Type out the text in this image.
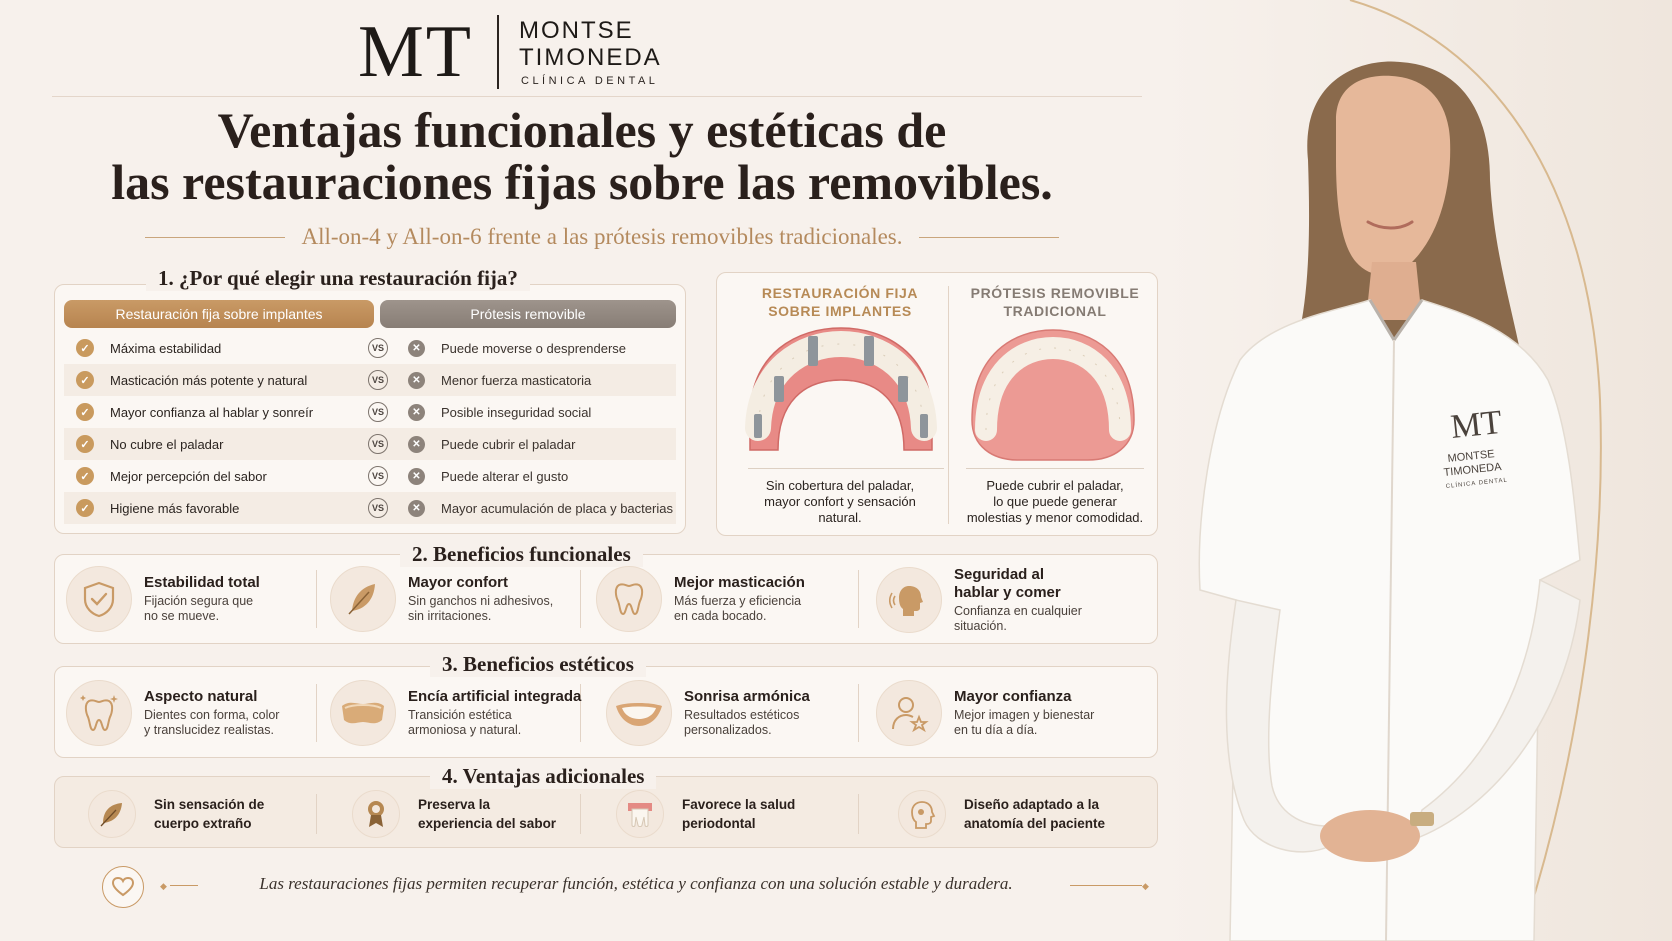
MT MONTSE
TIMONEDA
CLÍNICA DENTAL
Ventajas funcionales y estéticas de
las restauraciones fijas sobre las removibles.
All-on-4 y All-on-6 frente a las prótesis removibles tradicionales.
1. ¿Por qué elegir una restauración fija?
Restauración fija sobre implantes	Prótesis removible
✓	Máxima estabilidad	VS	✕	Puede moverse o desprenderse
✓	Masticación más potente y natural	VS	✕	Menor fuerza masticatoria
✓	Mayor confianza al hablar y sonreír	VS	✕	Posible inseguridad social
✓	No cubre el paladar	VS	✕	Puede cubrir el paladar
✓	Mejor percepción del sabor	VS	✕	Puede alterar el gusto
✓	Higiene más favorable	VS	✕	Mayor acumulación de placa y bacterias
RESTAURACIÓN FIJA
SOBRE IMPLANTES
PRÓTESIS REMOVIBLE
TRADICIONAL
Sin cobertura del paladar,
mayor confort y sensación
natural.
Puede cubrir el paladar,
lo que puede generar
molestias y menor comodidad.
2. Beneficios funcionales
Estabilidad total
Fijación segura que
no se mueve.
Mayor confort
Sin ganchos ni adhesivos,
sin irritaciones.
Mejor masticación
Más fuerza y eficiencia
en cada bocado.
Seguridad al
hablar y comer
Confianza en cualquier
situación.
3. Beneficios estéticos
Aspecto natural
Dientes con forma, color
y translucidez realistas.
Encía artificial integrada
Transición estética
armoniosa y natural.
Sonrisa armónica
Resultados estéticos
personalizados.
Mayor confianza
Mejor imagen y bienestar
en tu día a día.
4. Ventajas adicionales
Sin sensación de
cuerpo extraño
Preserva la
experiencia del sabor
Favorece la salud
periodontal
Diseño adaptado a la
anatomía del paciente
◆	Las restauraciones fijas permiten recuperar función, estética y confianza con una solución estable y duradera.	◆
MT
MONTSE
TIMONEDA
CLÍNICA DENTAL
